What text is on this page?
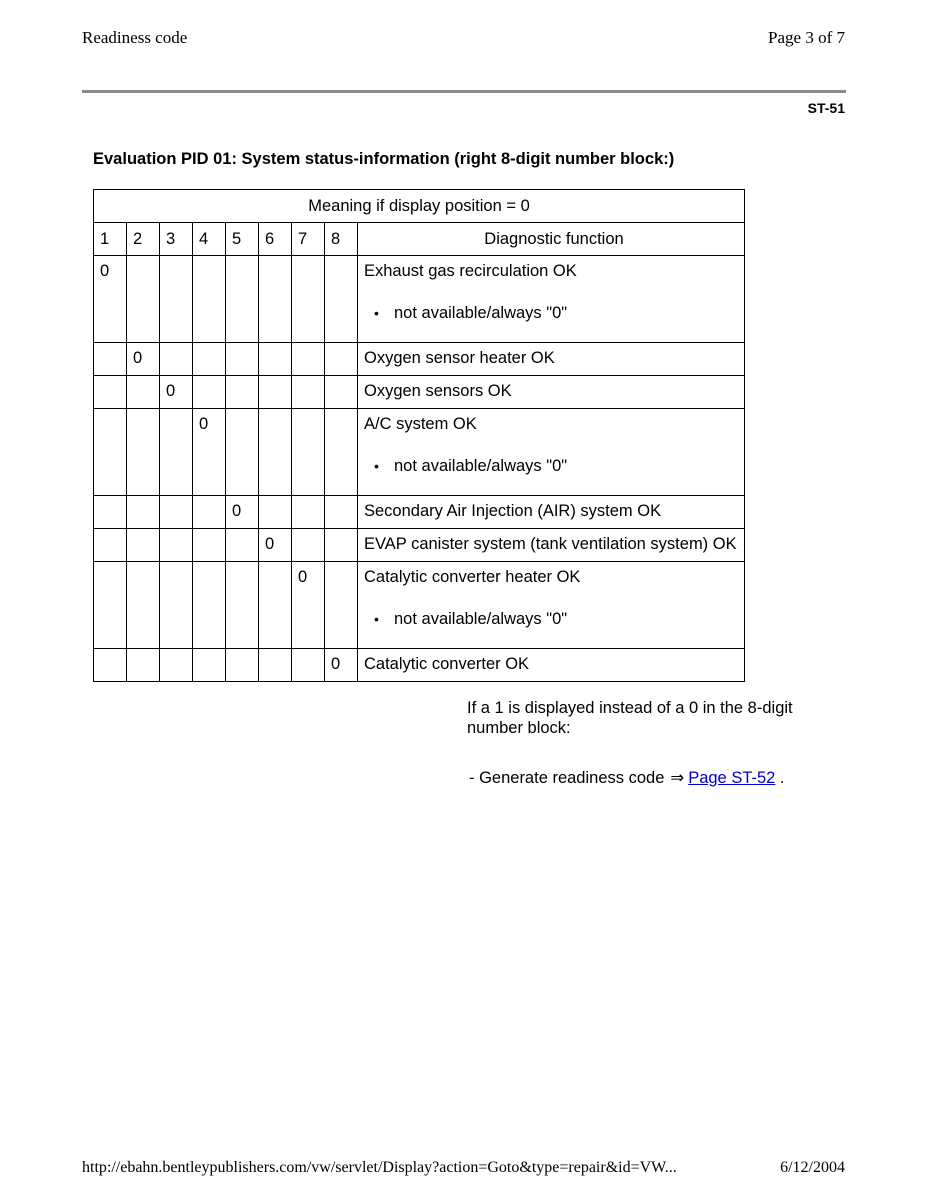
Readiness code	Page 3 of 7
ST-51
Evaluation PID 01: System status-information (right 8-digit number block:)
Meaning if display position = 0								
1	2	3	4	5	6	7	8	Diagnostic function
0								Exhaust gas recirculation OK
• not available/always "0"

	0							Oxygen sensor heater OK

		0						Oxygen sensors OK

			0					A/C system OK
• not available/always "0"

				0				Secondary Air Injection (AIR) system OK

					0			EVAP canister system (tank ventilation system) OK

						0		Catalytic converter heater OK
• not available/always "0"

							0	Catalytic converter OK
If a 1 is displayed instead of a 0 in the 8-digit number block:
- Generate readiness code ⇒ Page ST-52 .
http://ebahn.bentleypublishers.com/vw/servlet/Display?action=Goto&type=repair&id=VW...	6/12/2004
